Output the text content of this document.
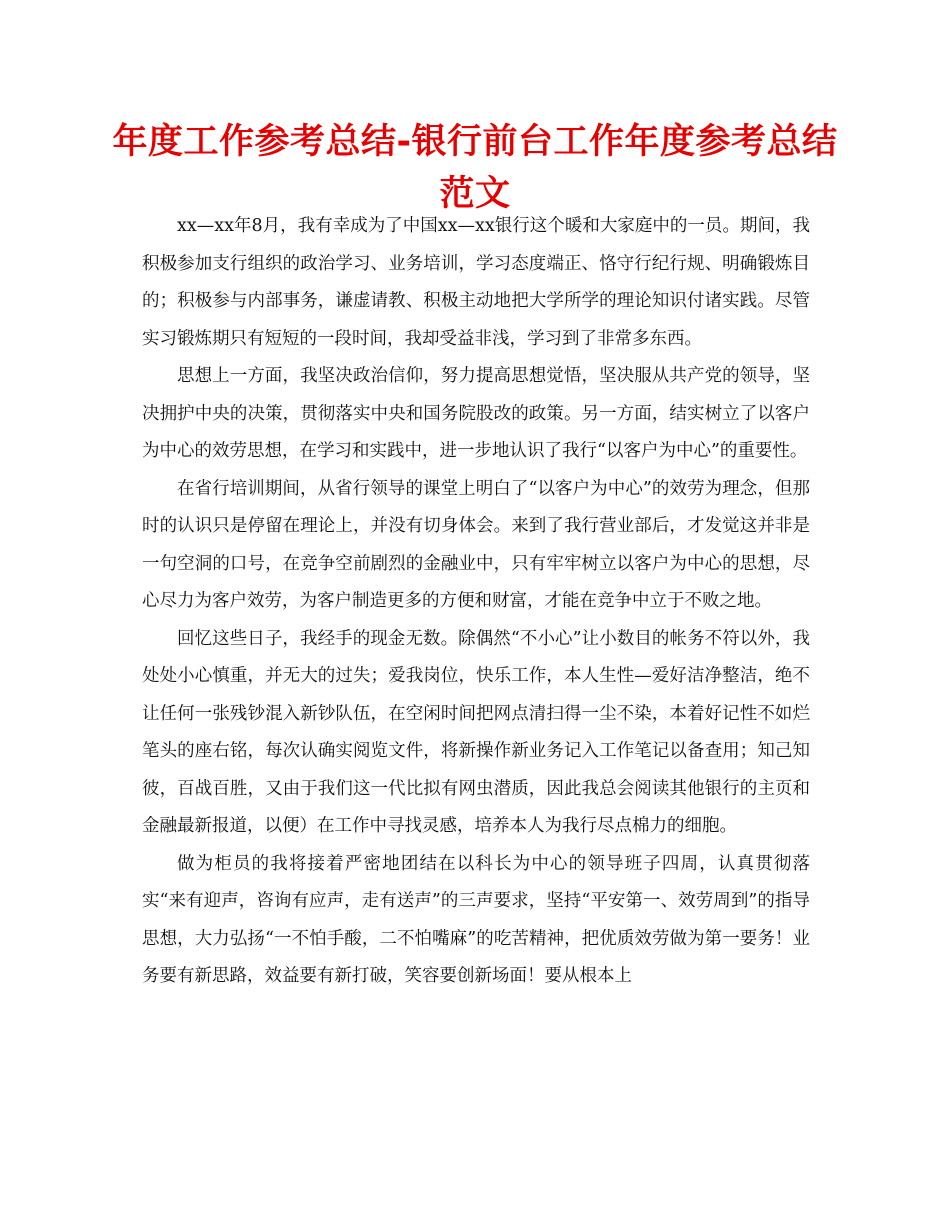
年度工作参考总结-银行前台工作年度参考总结范文

xx—xx年8月，我有幸成为了中国xx—xx银行这个暖和大家庭中的一员。期间，我积极参加支行组织的政治学习、业务培训，学习态度端正、恪守行纪行规、明确锻炼目的；积极参与内部事务，谦虚请教、积极主动地把大学所学的理论知识付诸实践。尽管实习锻炼期只有短短的一段时间，我却受益非浅，学习到了非常多东西。

思想上一方面，我坚决政治信仰，努力提高思想觉悟，坚决服从共产党的领导，坚决拥护中央的决策，贯彻落实中央和国务院股改的政策。另一方面，结实树立了以客户为中心的效劳思想，在学习和实践中，进一步地认识了我行“以客户为中心”的重要性。

在省行培训期间，从省行领导的课堂上明白了“以客户为中心”的效劳为理念，但那时的认识只是停留在理论上，并没有切身体会。来到了我行营业部后，才发觉这并非是一句空洞的口号，在竞争空前剧烈的金融业中，只有牢牢树立以客户为中心的思想，尽心尽力为客户效劳，为客户制造更多的方便和财富，才能在竞争中立于不败之地。

回忆这些日子，我经手的现金无数。除偶然“不小心”让小数目的帐务不符以外，我处处小心慎重，并无大的过失；爱我岗位，快乐工作，本人生性—爱好洁净整洁，绝不让任何一张残钞混入新钞队伍，在空闲时间把网点清扫得一尘不染，本着好记性不如烂笔头的座右铭，每次认确实阅览文件，将新操作新业务记入工作笔记以备查用；知己知彼，百战百胜，又由于我们这一代比拟有网虫潜质，因此我总会阅读其他银行的主页和金融最新报道，以便）在工作中寻找灵感，培养本人为我行尽点棉力的细胞。

做为柜员的我将接着严密地团结在以科长为中心的领导班子四周，认真贯彻落实“来有迎声，咨询有应声，走有送声”的三声要求，坚持“平安第一、效劳周到”的指导思想，大力弘扬“一不怕手酸，二不怕嘴麻”的吃苦精神，把优质效劳做为第一要务！业务要有新思路，效益要有新打破，笑容要创新场面！要从根本上
